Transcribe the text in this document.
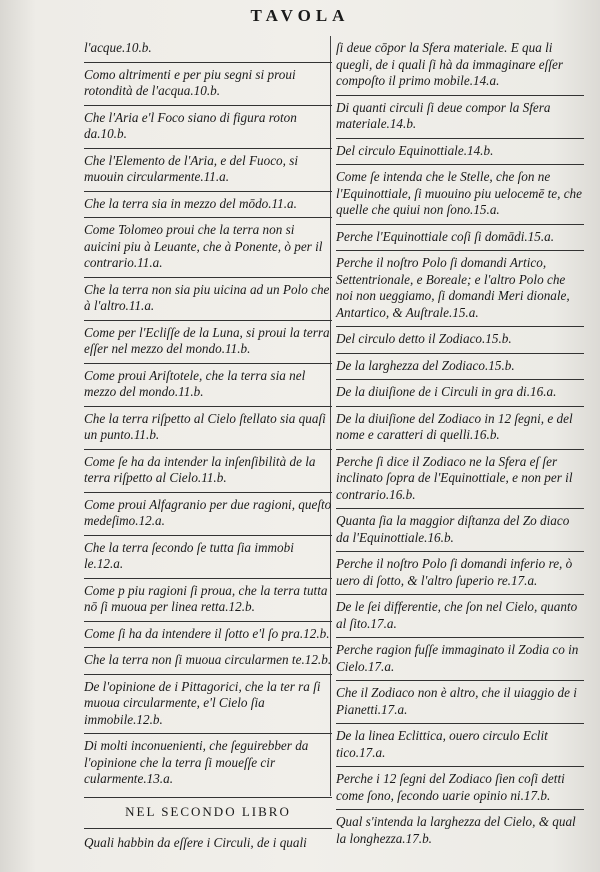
TAVOLA
l'acque.10.b.
Como altrimenti e per piu segni si proui rotondità de l'acqua.10.b.
Che l'Aria e'l Foco siano di figura roton da.10.b.
Che l'Elemento de l'Aria, e del Fuoco, si muouin circularmente.11.a.
Che la terra sia in mezzo del mōdo.11.a.
Come Tolomeo proui che la terra non si auicini piu à Leuante, che à Ponente, ò per il contrario.11.a.
Che la terra non sia piu uicina ad un Polo che à l'altro.11.a.
Come per l'Ecliſſe de la Luna, si proui la terra eſſer nel mezzo del mondo.11.b.
Come proui Ariſtotele, che la terra sia nel mezzo del mondo.11.b.
Che la terra riſpetto al Cielo ſtellato sia quaſi un punto.11.b.
Come ſe ha da intender la inſenſibilità de la terra riſpetto al Cielo.11.b.
Come proui Alfagranio per due ragioni, queſto medeſimo.12.a.
Che la terra ſecondo ſe tutta ſia immobi le.12.a.
Come p piu ragioni ſi proua, che la terra tutta nō ſi muoua per linea retta.12.b.
Come ſi ha da intendere il ſotto e'l ſo pra.12.b.
Che la terra non ſi muoua circularmen te.12.b.
De l'opinione de i Pittagorici, che la ter ra ſi muoua circularmente, e'l Cielo ſia immobile.12.b.
Di molti inconuenienti, che ſeguirebber da l'opinione che la terra ſi moueſſe cir cularmente.13.a.
NEL SECONDO LIBRO
Quali habbin da eſſere i Circuli, de i quali
ſi deue cōpor la Sfera materiale. E qua li quegli, de i quali ſi hà da immaginare eſſer compoſto il primo mobile.14.a.
Di quanti circuli ſi deue compor la Sfera materiale.14.b.
Del circulo Equinottiale.14.b.
Come ſe intenda che le Stelle, che ſon ne l'Equinottiale, ſi muouino piu uelocemē te, che quelle che quiui non ſono.15.a.
Perche l'Equinottiale coſi ſi domādi.15.a.
Perche il noſtro Polo ſi domandi Artico, Settentrionale, e Boreale; e l'altro Polo che noi non ueggiamo, ſi domandi Meri dionale, Antartico, & Auſtrale.15.a.
Del circulo detto il Zodiaco.15.b.
De la larghezza del Zodiaco.15.b.
De la diuiſione de i Circuli in gra di.16.a.
De la diuiſione del Zodiaco in 12 ſegni, e del nome e caratteri di quelli.16.b.
Perche ſi dice il Zodiaco ne la Sfera eſ ſer inclinato ſopra de l'Equinottiale, e non per il contrario.16.b.
Quanta ſia la maggior diſtanza del Zo diaco da l'Equinottiale.16.b.
Perche il noſtro Polo ſi domandi inferio re, ò uero di ſotto, & l'altro ſuperio re.17.a.
De le ſei differentie, che ſon nel Cielo, quanto al ſito.17.a.
Perche ragion fuſſe immaginato il Zodia co in Cielo.17.a.
Che il Zodiaco non è altro, che il uiaggio de i Pianetti.17.a.
De la linea Eclittica, ouero circulo Eclit tico.17.a.
Perche i 12 ſegni del Zodiaco ſien coſi detti come ſono, ſecondo uarie opinio ni.17.b.
Qual s'intenda la larghezza del Cielo, & qual la longhezza.17.b.
